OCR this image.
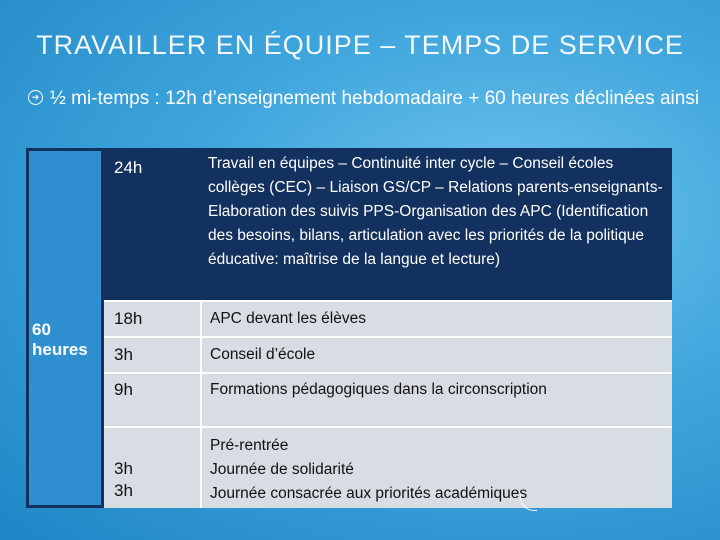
TRAVAILLER EN ÉQUIPE – TEMPS DE SERVICE
➜ ½ mi-temps : 12h d’enseignement hebdomadaire + 60 heures déclinées ainsi
60 heures
24h
18h
3h
9h
3h
3h
Travail en équipes – Continuité inter cycle – Conseil écoles collèges (CEC) – Liaison GS/CP – Relations parents-enseignants- Elaboration des suivis PPS-Organisation des APC (Identification des besoins, bilans, articulation avec les priorités de la politique éducative: maîtrise de la langue et lecture)
APC devant les élèves
Conseil d’école
Formations pédagogiques dans la circonscription
Pré-rentrée
Journée de solidarité
Journée consacrée aux priorités académiques
